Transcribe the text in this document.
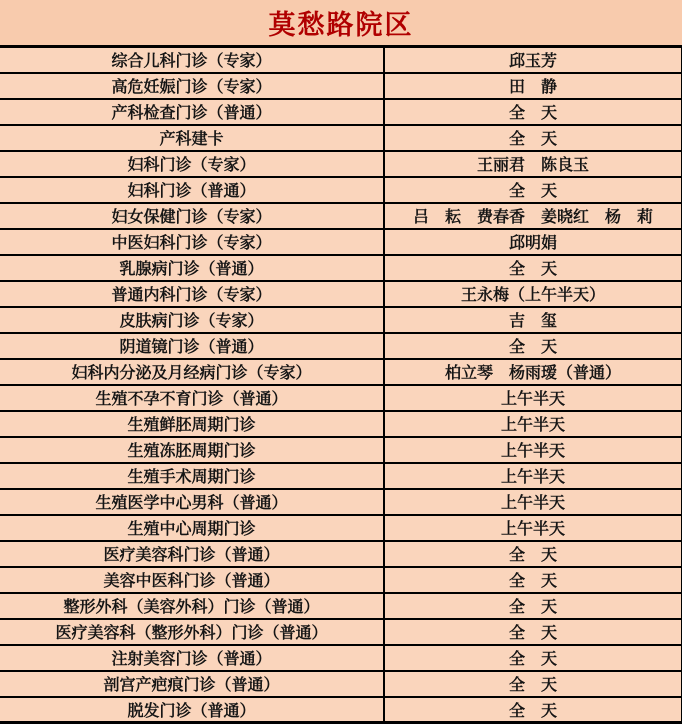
莫愁路院区
综合儿科门诊（专家）	邱玉芳
高危妊娠门诊（专家）	田　静
产科检查门诊（普通）	全　天
产科建卡	全　天
妇科门诊（专家）	王丽君　陈良玉
妇科门诊（普通）	全　天
妇女保健门诊（专家）	吕　耘　费春香　姜晓红　杨　莉
中医妇科门诊（专家）	邱明娟
乳腺病门诊（普通）	全　天
普通内科门诊（专家）	王永梅（上午半天）
皮肤病门诊（专家）	吉　玺
阴道镜门诊（普通）	全　天
妇科内分泌及月经病门诊（专家）	柏立琴　杨雨瑷（普通）
生殖不孕不育门诊（普通）	上午半天
生殖鲜胚周期门诊	上午半天
生殖冻胚周期门诊	上午半天
生殖手术周期门诊	上午半天
生殖医学中心男科（普通）	上午半天
生殖中心周期门诊	上午半天
医疗美容科门诊（普通）	全　天
美容中医科门诊（普通）	全　天
整形外科（美容外科）门诊（普通）	全　天
医疗美容科（整形外科）门诊（普通）	全　天
注射美容门诊（普通）	全　天
剖宫产疤痕门诊（普通）	全　天
脱发门诊（普通）	全　天
